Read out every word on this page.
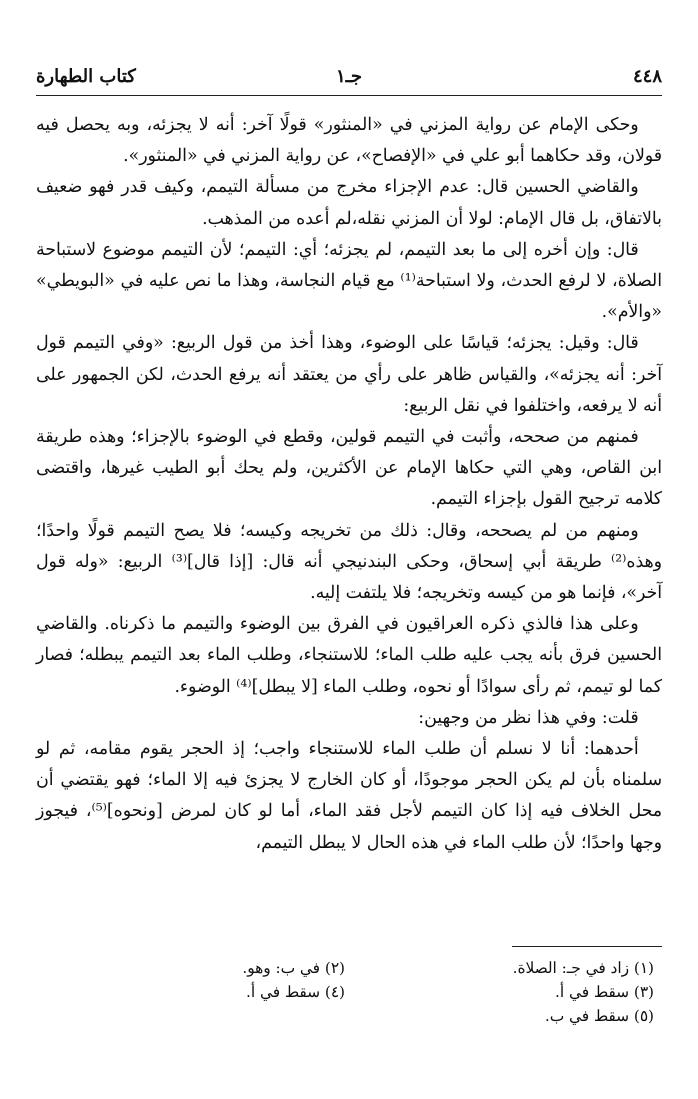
٤٤٨
جـ١
كتاب الطهارة

وحكى الإمام عن رواية المزني في «المنثور» قولًا آخر: أنه لا يجزئه، وبه يحصل فيه قولان، وقد حكاهما أبو علي في «الإفصاح»، عن رواية المزني في «المنثور».

والقاضي الحسين قال: عدم الإجزاء مخرج من مسألة التيمم، وكيف قدر فهو ضعيف بالاتفاق، بل قال الإمام: لولا أن المزني نقله،لم أعده من المذهب.

قال: وإن أخره إلى ما بعد التيمم، لم يجزئه؛ أي: التيمم؛ لأن التيمم موضوع لاستباحة الصلاة، لا لرفع الحدث، ولا استباحة⁽¹⁾ مع قيام النجاسة، وهذا ما نص عليه في «البويطي» «والأم».

قال: وقيل: يجزئه؛ قياسًا على الوضوء، وهذا أخذ من قول الربيع: «وفي التيمم قول آخر: أنه يجزئه»، والقياس ظاهر على رأي من يعتقد أنه يرفع الحدث، لكن الجمهور على أنه لا يرفعه، واختلفوا في نقل الربيع:

فمنهم من صححه، وأثبت في التيمم قولين، وقطع في الوضوء بالإجزاء؛ وهذه طريقة ابن القاص، وهي التي حكاها الإمام عن الأكثرين، ولم يحك أبو الطيب غيرها، واقتضى كلامه ترجيح القول بإجزاء التيمم.

ومنهم من لم يصححه، وقال: ذلك من تخريجه وكيسه؛ فلا يصح التيمم قولًا واحدًا؛ وهذه⁽²⁾ طريقة أبي إسحاق، وحكى البندنيجي أنه قال: [إذا قال]⁽³⁾ الربيع: «وله قول آخر»، فإنما هو من كيسه وتخريجه؛ فلا يلتفت إليه.

وعلى هذا فالذي ذكره العراقيون في الفرق بين الوضوء والتيمم ما ذكرناه. والقاضي الحسين فرق بأنه يجب عليه طلب الماء؛ للاستنجاء، وطلب الماء بعد التيمم يبطله؛ فصار كما لو تيمم، ثم رأى سوادًا أو نحوه، وطلب الماء [لا يبطل]⁽⁴⁾ الوضوء.

قلت: وفي هذا نظر من وجهين:

أحدهما: أنا لا نسلم أن طلب الماء للاستنجاء واجب؛ إذ الحجر يقوم مقامه، ثم لو سلمناه بأن لم يكن الحجر موجودًا، أو كان الخارج لا يجزئ فيه إلا الماء؛ فهو يقتضي أن محل الخلاف فيه إذا كان التيمم لأجل فقد الماء، أما لو كان لمرض [ونحوه]⁽⁵⁾، فيجوز وجها واحدًا؛ لأن طلب الماء في هذه الحال لا يبطل التيمم،

(١) زاد في جـ: الصلاة.
(٢) في ب: وهو.
(٣) سقط في أ.
(٤) سقط في أ.
(٥) سقط في ب.
